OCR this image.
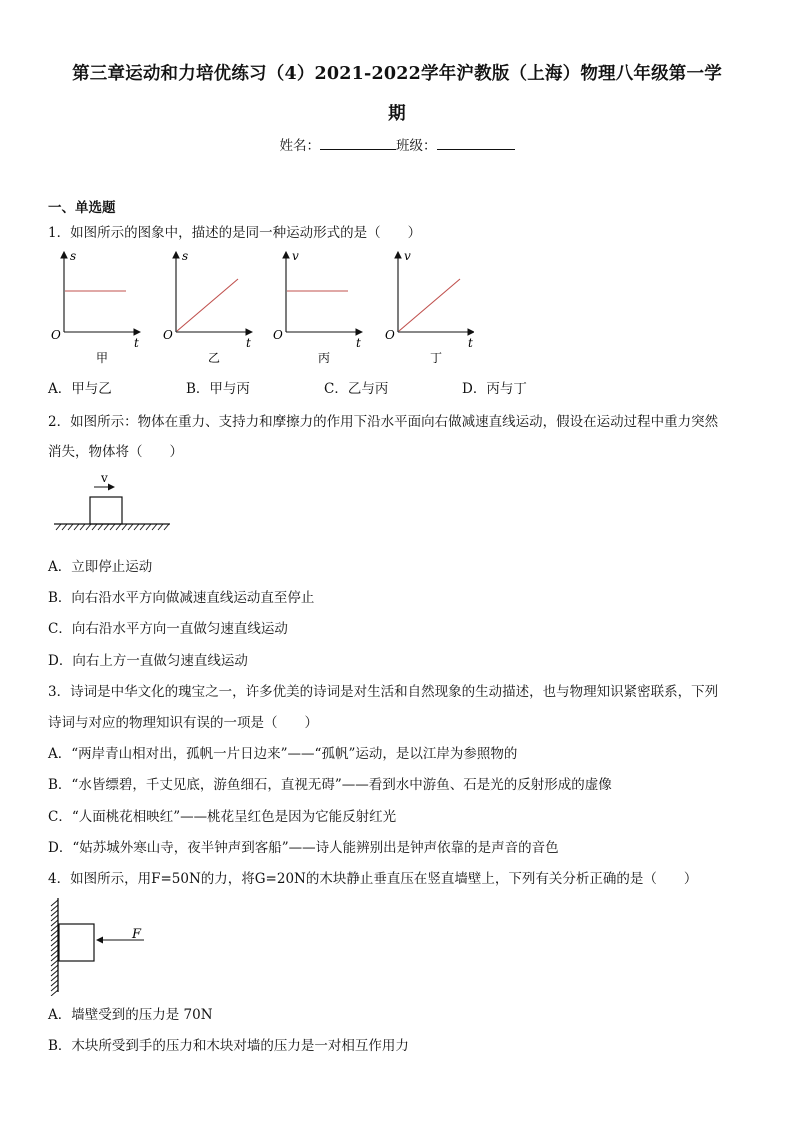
第三章运动和力培优练习（4）2021-2022学年沪教版（上海）物理八年级第一学
期
姓名：	班级：
一、单选题
1．如图所示的图象中，描述的是同一种运动形式的是（　　）
s
t
O
甲
s
t
O
乙
v
t
O
丙
v
t
O
丁
A．甲与乙	B．甲与丙	C．乙与丙	D．丙与丁
2．如图所示：物体在重力、支持力和摩擦力的作用下沿水平面向右做减速直线运动，假设在运动过程中重力突然
消失，物体将（　　）
v
A．立即停止运动
B．向右沿水平方向做减速直线运动直至停止
C．向右沿水平方向一直做匀速直线运动
D．向右上方一直做匀速直线运动
3．诗词是中华文化的瑰宝之一，许多优美的诗词是对生活和自然现象的生动描述，也与物理知识紧密联系，下列
诗词与对应的物理知识有误的一项是（　　）
A．“两岸青山相对出，孤帆一片日边来”——“孤帆”运动，是以江岸为参照物的
B．“水皆缥碧，千丈见底，游鱼细石，直视无碍”——看到水中游鱼、石是光的反射形成的虚像
C．“人面桃花相映红”——桃花呈红色是因为它能反射红光
D．“姑苏城外寒山寺，夜半钟声到客船”——诗人能辨别出是钟声依靠的是声音的音色
4．如图所示，用F=50N的力，将G=20N的木块静止垂直压在竖直墙壁上，下列有关分析正确的是（　　）
F
A．墙壁受到的压力是 70N
B．木块所受到手的压力和木块对墙的压力是一对相互作用力
